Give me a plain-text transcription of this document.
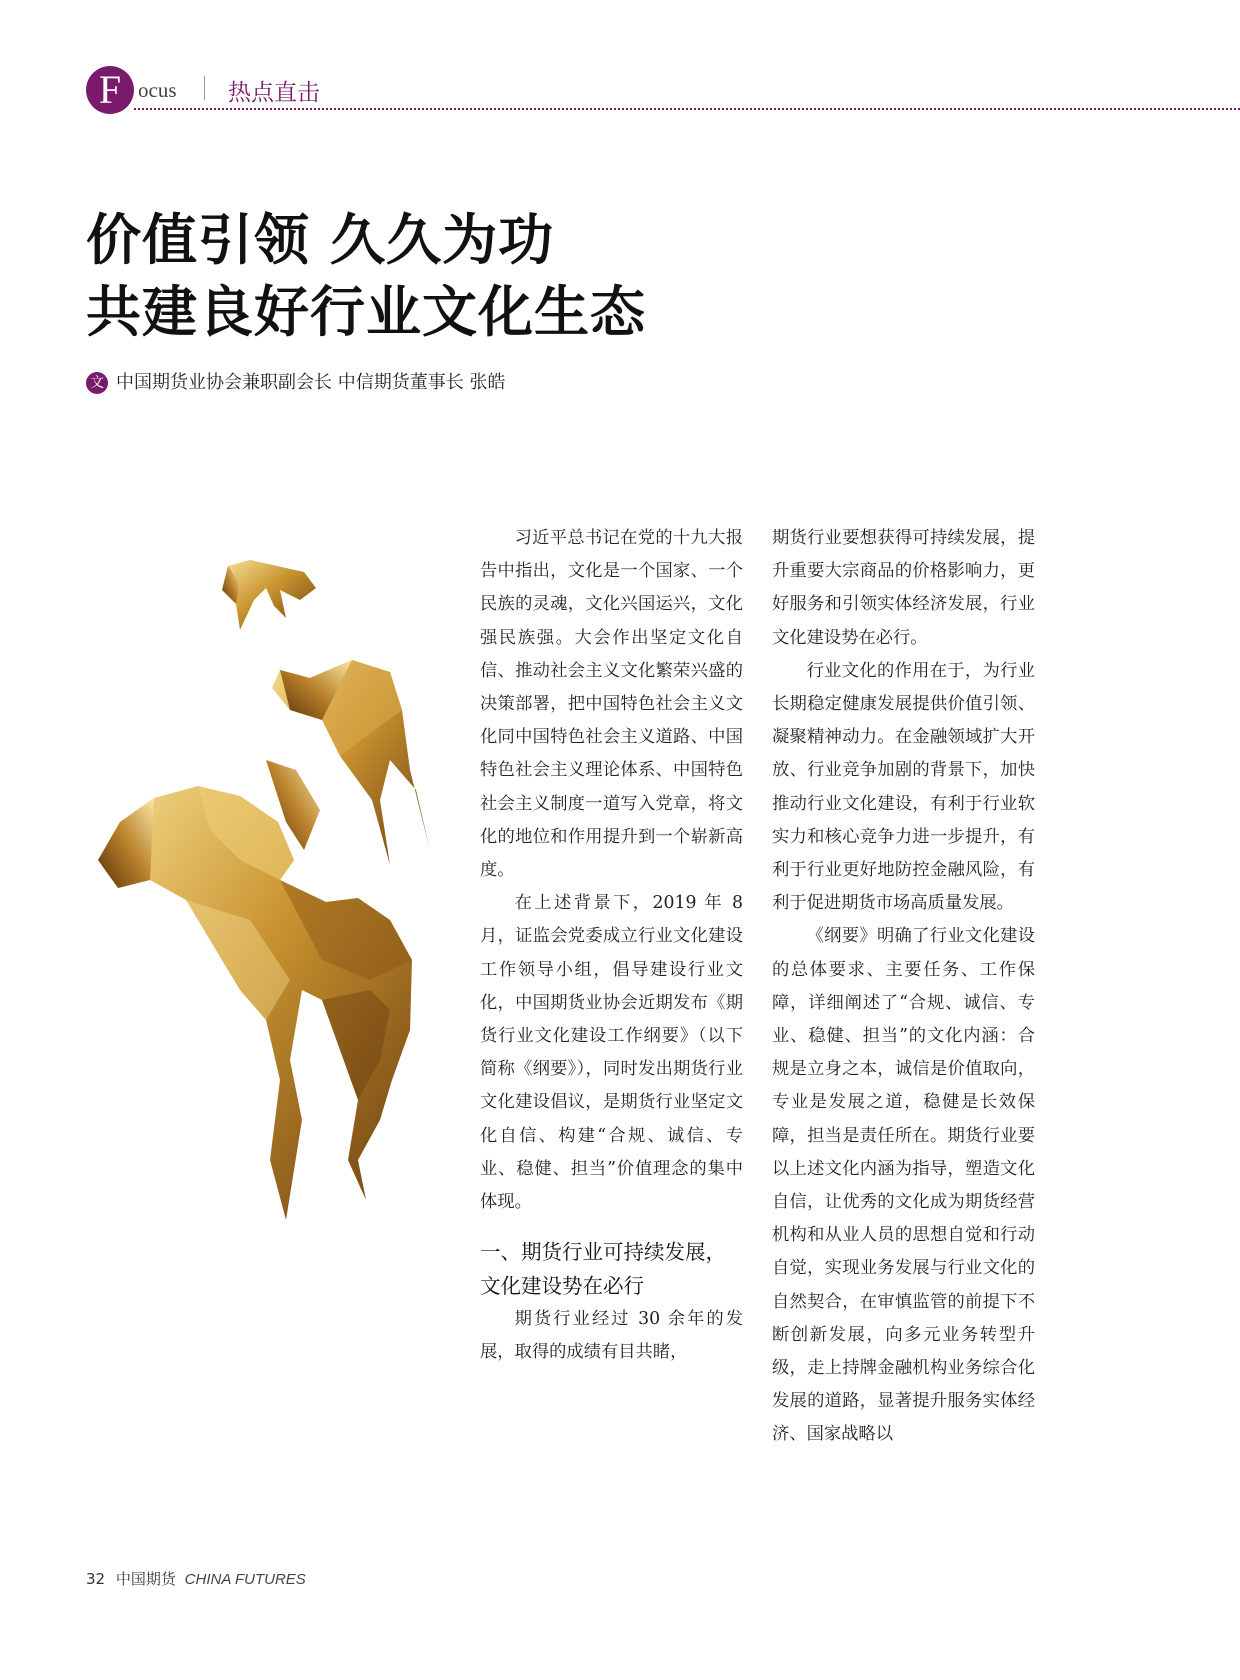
F ocus 热点直击
价值引领 久久为功
共建良好行业文化生态
文 中国期货业协会兼职副会长 中信期货董事长 张皓

习近平总书记在党的十九大报告中指出，文化是一个国家、一个民族的灵魂，文化兴国运兴，文化强民族强。大会作出坚定文化自信、推动社会主义文化繁荣兴盛的决策部署，把中国特色社会主义文化同中国特色社会主义道路、中国特色社会主义理论体系、中国特色社会主义制度一道写入党章，将文化的地位和作用提升到一个崭新高度。

在上述背景下，2019 年 8 月，证监会党委成立行业文化建设工作领导小组，倡导建设行业文化，中国期货业协会近期发布《期货行业文化建设工作纲要》（以下简称《纲要》），同时发出期货行业文化建设倡议，是期货行业坚定文化自信、构建“合规、诚信、专业、稳健、担当”价值理念的集中体现。

一、期货行业可持续发展，文化建设势在必行

期货行业经过 30 余年的发展，取得的成绩有目共睹，

期货行业要想获得可持续发展，提升重要大宗商品的价格影响力，更好服务和引领实体经济发展，行业文化建设势在必行。

行业文化的作用在于，为行业长期稳定健康发展提供价值引领、凝聚精神动力。在金融领域扩大开放、行业竞争加剧的背景下，加快推动行业文化建设，有利于行业软实力和核心竞争力进一步提升，有利于行业更好地防控金融风险，有利于促进期货市场高质量发展。

《纲要》明确了行业文化建设的总体要求、主要任务、工作保障，详细阐述了“合规、诚信、专业、稳健、担当”的文化内涵：合规是立身之本，诚信是价值取向，专业是发展之道，稳健是长效保障，担当是责任所在。期货行业要以上述文化内涵为指导，塑造文化自信，让优秀的文化成为期货经营机构和从业人员的思想自觉和行动自觉，实现业务发展与行业文化的自然契合，在审慎监管的前提下不断创新发展，向多元业务转型升级，走上持牌金融机构业务综合化发展的道路，显著提升服务实体经济、国家战略以

32 中国期货 CHINA FUTURES
